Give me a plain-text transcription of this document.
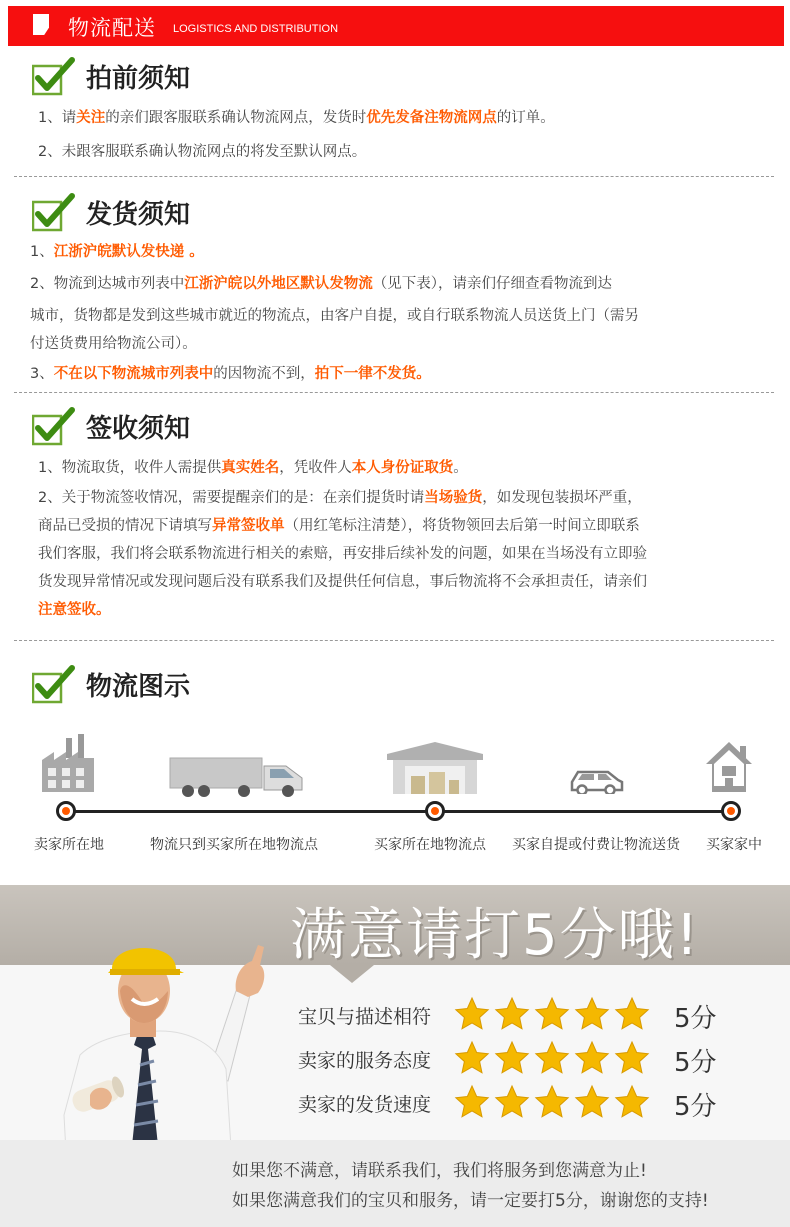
物流配送 LOGISTICS AND DISTRIBUTION
拍前须知
1、请关注的亲们跟客服联系确认物流网点，发货时优先发备注物流网点的订单。
2、未跟客服联系确认物流网点的将发至默认网点。
发货须知
1、江浙沪皖默认发快递 。
2、物流到达城市列表中江浙沪皖以外地区默认发物流（见下表），请亲们仔细查看物流到达
城市，货物都是发到这些城市就近的物流点，由客户自提，或自行联系物流人员送货上门（需另
付送货费用给物流公司）。
3、不在以下物流城市列表中的因物流不到，拍下一律不发货。
签收须知
1、物流取货，收件人需提供真实姓名，凭收件人本人身份证取货。
2、关于物流签收情况，需要提醒亲们的是：在亲们提货时请当场验货，如发现包装损坏严重，
商品已受损的情况下请填写异常签收单（用红笔标注清楚），将货物领回去后第一时间立即联系
我们客服，我们将会联系物流进行相关的索赔，再安排后续补发的问题，如果在当场没有立即验
货发现异常情况或发现问题后没有联系我们及提供任何信息，事后物流将不会承担责任，请亲们
注意签收。
物流图示
卖家所在地	物流只到买家所在地物流点	买家所在地物流点 买家自提或付费让物流送货 买家家中
满意请打5分哦!
宝贝与描述相符	5分
卖家的服务态度	5分
卖家的发货速度	5分
如果您不满意，请联系我们，我们将服务到您满意为止!
如果您满意我们的宝贝和服务，请一定要打5分，谢谢您的支持!
